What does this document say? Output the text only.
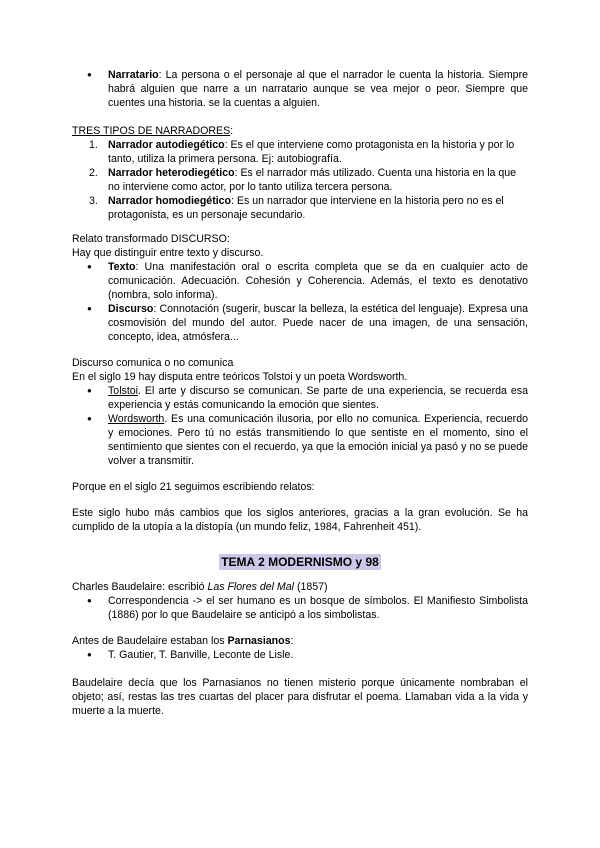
● Narratario: La persona o el personaje al que el narrador le cuenta la historia. Siempre habrá alguien que narre a un narratario aunque se vea mejor o peor. Siempre que cuentes una historia. se la cuentas a alguien.

TRES TIPOS DE NARRADORES:

1. Narrador autodiegético: Es el que interviene como protagonista en la historia y por lo tanto, utiliza la primera persona. Ej: autobiografía.
2. Narrador heterodiegético: Es el narrador más utilizado. Cuenta una historia en la que no interviene como actor, por lo tanto utiliza tercera persona.
3. Narrador homodiegético: Es un narrador que interviene en la historia pero no es el protagonista, es un personaje secundario.

Relato transformado DISCURSO:

Hay que distinguir entre texto y discurso.

● Texto: Una manifestación oral o escrita completa que se da en cualquier acto de comunicación. Adecuación. Cohesión y Coherencia. Además, el texto es denotativo (nombra, solo informa).
● Discurso: Connotación (sugerir, buscar la belleza, la estética del lenguaje). Expresa una cosmovisión del mundo del autor. Puede nacer de una imagen, de una sensación, concepto, idea, atmósfera...

Discurso comunica o no comunica

En el siglo 19 hay disputa entre teóricos Tolstoi y un poeta Wordsworth.

● Tolstoi. El arte y discurso se comunican. Se parte de una experiencia, se recuerda esa experiencia y estás comunicando la emoción que sientes.
● Wordsworth. Es una comunicación ilusoria, por ello no comunica. Experiencia, recuerdo y emociones. Pero tú no estás transmitiendo lo que sentiste en el momento, sino el sentimiento que sientes con el recuerdo, ya que la emoción inicial ya pasó y no se puede volver a transmitir.

Porque en el siglo 21 seguimos escribiendo relatos:

Este siglo hubo más cambios que los siglos anteriores, gracias a la gran evolución. Se ha cumplido de la utopía a la distopía (un mundo feliz, 1984, Fahrenheit 451).

TEMA 2 MODERNISMO y 98

Charles Baudelaire: escribió Las Flores del Mal (1857)

● Correspondencia -> el ser humano es un bosque de símbolos. El Manifiesto Simbolista (1886) por lo que Baudelaire se anticipó a los simbolistas.

Antes de Baudelaire estaban los Parnasianos:

● T. Gautier, T. Banville, Leconte de Lisle.

Baudelaire decía que los Parnasianos no tienen misterio porque únicamente nombraban el objeto; así, restas las tres cuartas del placer para disfrutar el poema. Llamaban vida a la vida y muerte a la muerte.
